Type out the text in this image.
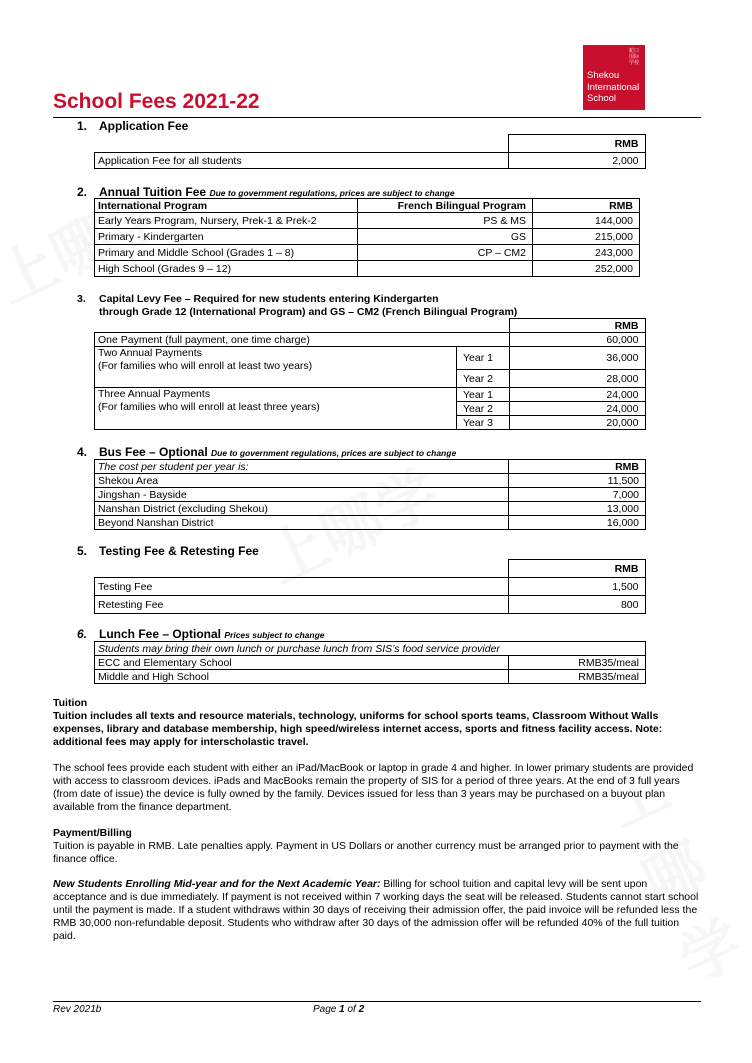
蛇口国际学校
Shekou
International
School
School Fees 2021-22
1. Application Fee
	RMB
Application Fee for all students	2,000
2. Annual Tuition Fee Due to government regulations, prices are subject to change
International Program	French Bilingual Program	RMB
Early Years Program, Nursery, Prek-1 & Prek-2	PS & MS	144,000
Primary - Kindergarten	GS	215,000
Primary and Middle School (Grades 1 – 8)	CP – CM2	243,000
High School (Grades 9 – 12)		252,000
3. Capital Levy Fee – Required for new students entering Kindergarten
through Grade 12 (International Program) and GS – CM2 (French Bilingual Program)
		RMB
One Payment (full payment, one time charge)		60,000

Two Annual Payments
(For families who will enroll at least two years)	Year 1	36,000
	Year 2	28,000

Three Annual Payments
(For families who will enroll at least three years)	Year 1	24,000
	Year 2	24,000
	Year 3	20,000
4. Bus Fee – Optional Due to government regulations, prices are subject to change
The cost per student per year is:	RMB
Shekou Area	11,500
Jingshan - Bayside	7,000
Nanshan District (excluding Shekou)	13,000
Beyond Nanshan District	16,000
5. Testing Fee & Retesting Fee
	RMB
Testing Fee	1,500
Retesting Fee	800
6. Lunch Fee – Optional Prices subject to change
Students may bring their own lunch or purchase lunch from SIS’s food service provider	
ECC and Elementary School	RMB35/meal
Middle and High School	RMB35/meal

Tuition

Tuition includes all texts and resource materials, technology, uniforms for school sports teams, Classroom Without Walls expenses, library and database membership, high speed/wireless internet access, sports and fitness facility access. Note: additional fees may apply for interscholastic travel.

The school fees provide each student with either an iPad/MacBook or laptop in grade 4 and higher. In lower primary students are provided with access to classroom devices. iPads and MacBooks remain the property of SIS for a period of three years. At the end of 3 full years (from date of issue) the device is fully owned by the family. Devices issued for less than 3 years may be purchased on a buyout plan available from the finance department.

Payment/Billing

Tuition is payable in RMB. Late penalties apply. Payment in US Dollars or another currency must be arranged prior to payment with the finance office.

New Students Enrolling Mid-year and for the Next Academic Year: Billing for school tuition and capital levy will be sent upon acceptance and is due immediately. If payment is not received within 7 working days the seat will be released. Students cannot start school until the payment is made. If a student withdraws within 30 days of receiving their admission offer, the paid invoice will be refunded less the RMB 30,000 non-refundable deposit. Students who withdraw after 30 days of the admission offer will be refunded 40% of the full tuition paid.

Rev 2021b	Page 1 of 2
